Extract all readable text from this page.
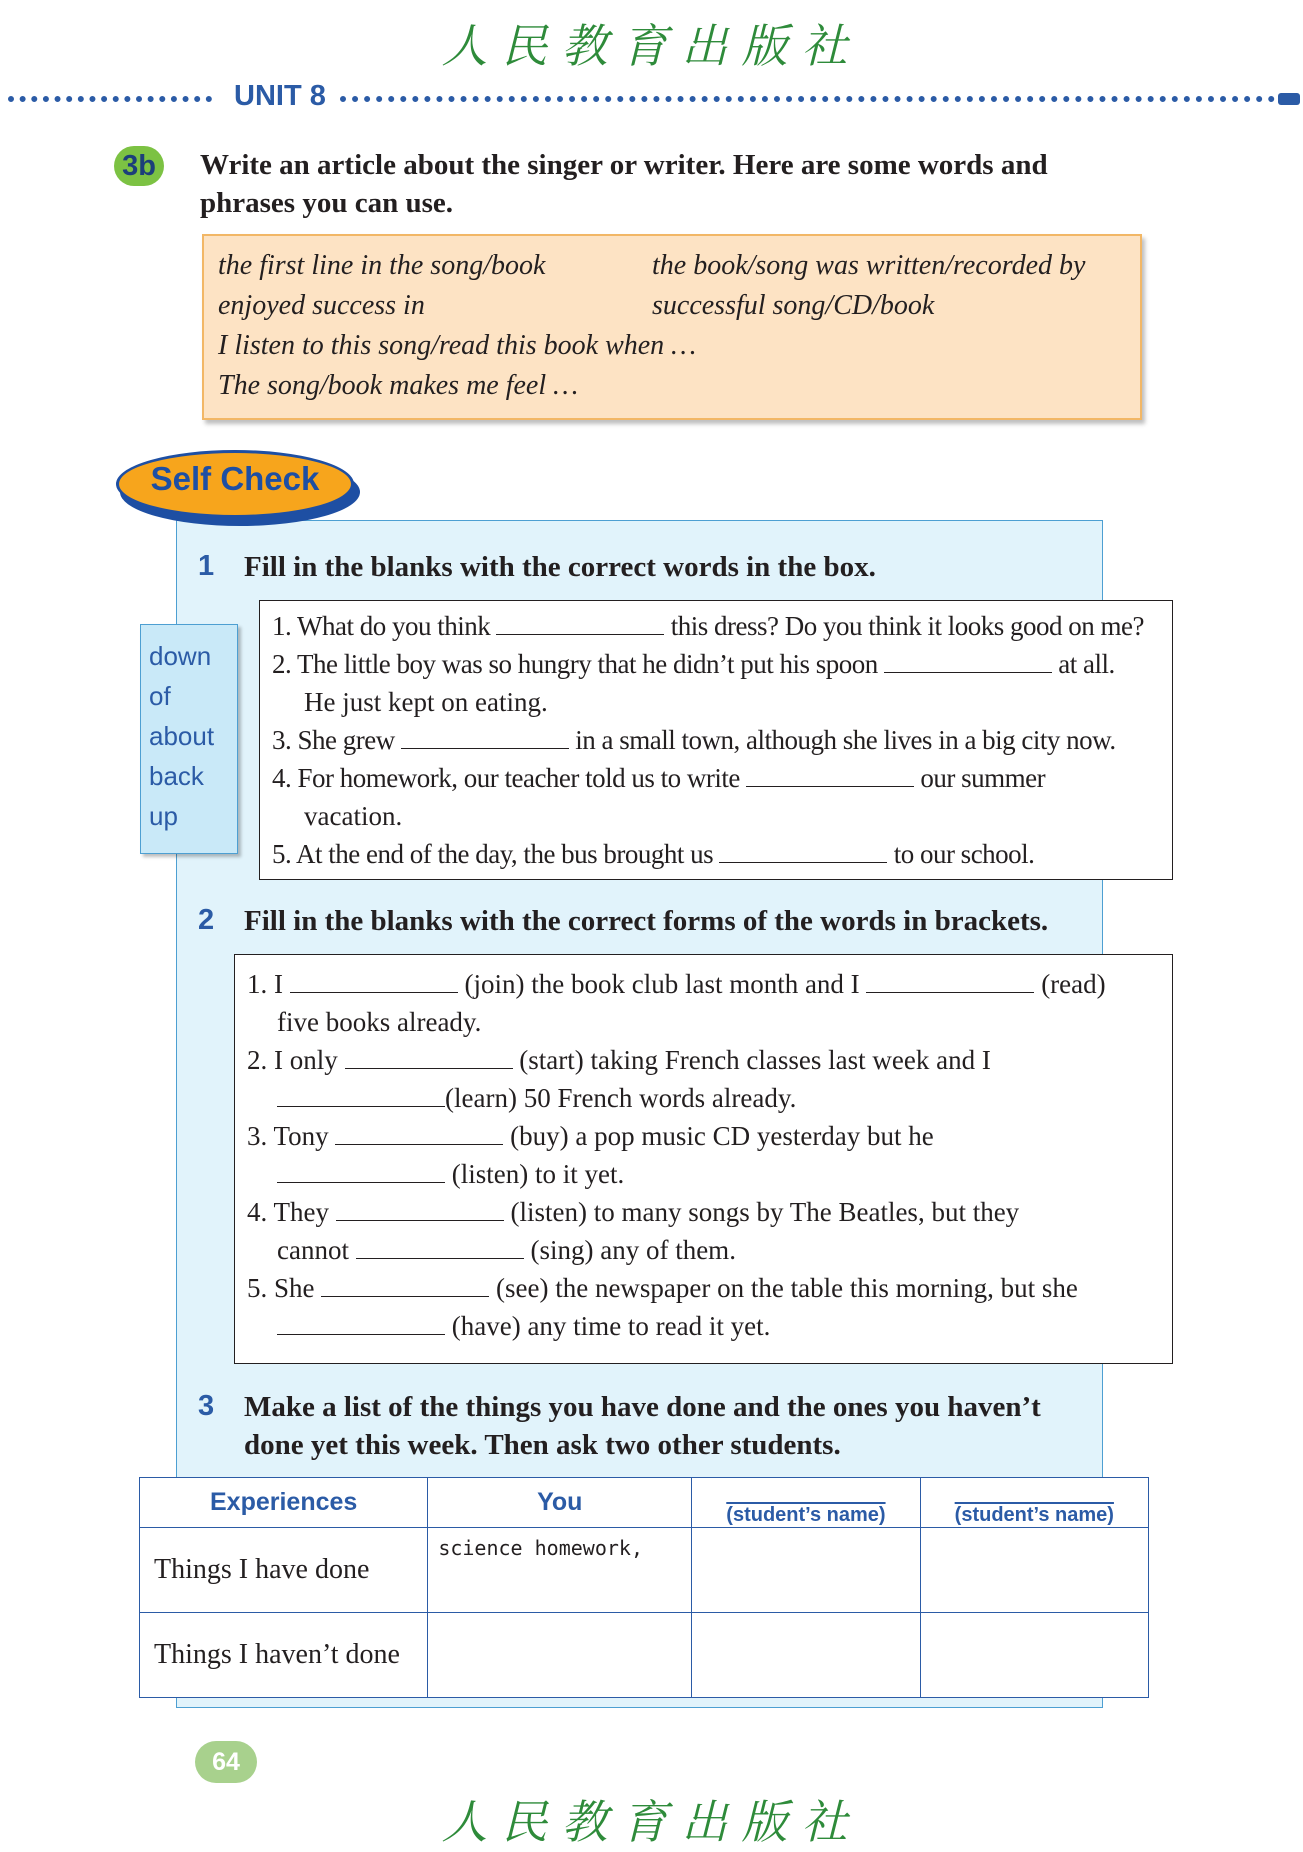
人民教育出版社
UNIT 8
3b Write an article about the singer or writer. Here are some words and
phrases you can use.
the first line in the song/book	the book/song was written/recorded by
enjoyed success in	successful song/CD/book
I listen to this song/read this book when …
The song/book makes me feel …
Self Check
1 Fill in the blanks with the correct words in the box.
down
of
about
back
up
1. What do you think	this dress? Do you think it looks good on me?
2. The little boy was so hungry that he didn’t put his spoon	at all.
He just kept on eating.
3. She grew	in a small town, although she lives in a big city now.
4. For homework, our teacher told us to write	our summer
vacation.
5. At the end of the day, the bus brought us	to our school.
2 Fill in the blanks with the correct forms of the words in brackets.
1. I	(join) the book club last month and I	(read)
five books already.
2. I only	(start) taking French classes last week and I
(learn) 50 French words already.
3. Tony	(buy) a pop music CD yesterday but he
(listen) to it yet.
4. They	(listen) to many songs by The Beatles, but they
cannot	(sing) any of them.
5. She	(see) the newspaper on the table this morning, but she
(have) any time to read it yet.
3 Make a list of the things you have done and the ones you haven’t
done yet this week. Then ask two other students.
Experiences	You	(student’s name)	(student’s name)
Things I have done	science homework,		

Things I haven’t done			
64
人民教育出版社
